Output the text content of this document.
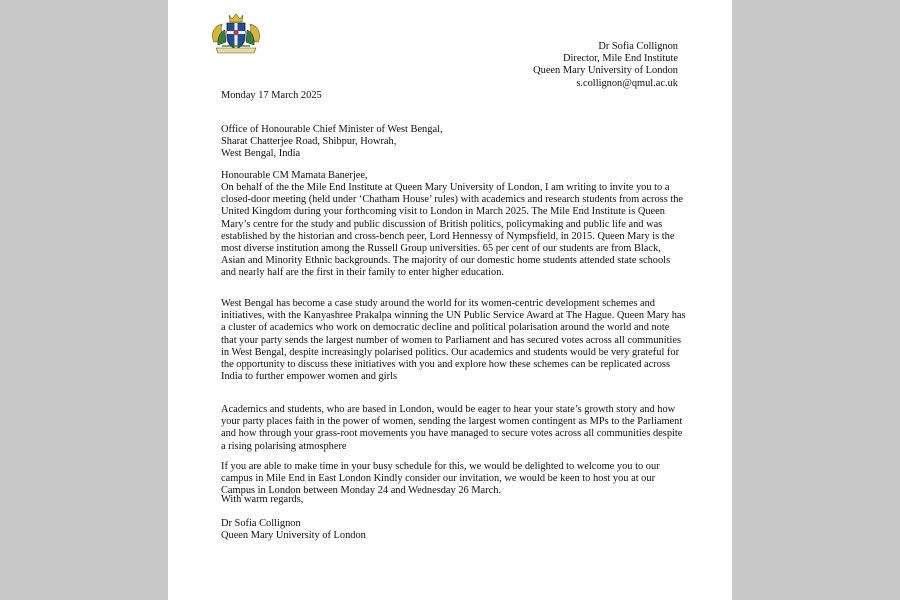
Dr Sofia Collignon
Director, Mile End Institute
Queen Mary University of London
s.collignon@qmul.ac.uk
Monday 17 March 2025
Office of Honourable Chief Minister of West Bengal,
Sharat Chatterjee Road, Shibpur, Howrah,
West Bengal, India
Honourable CM Mamata Banerjee,
On behalf of the the Mile End Institute at Queen Mary University of London, I am writing to invite you to a closed-door meeting (held under ‘Chatham House’ rules) with academics and research students from across the United Kingdom during your forthcoming visit to London in March 2025. The Mile End Institute is Queen Mary’s centre for the study and public discussion of British politics, policymaking and public life and was established by the historian and cross-bench peer, Lord Hennessy of Nympsfield, in 2015. Queen Mary is the most diverse institution among the Russell Group universities. 65 per cent of our students are from Black, Asian and Minority Ethnic backgrounds. The majority of our domestic home students attended state schools and nearly half are the first in their family to enter higher education.
West Bengal has become a case study around the world for its women-centric development schemes and initiatives, with the Kanyashree Prakalpa winning the UN Public Service Award at The Hague. Queen Mary has a cluster of academics who work on democratic decline and political polarisation around the world and note that your party sends the largest number of women to Parliament and has secured votes across all communities in West Bengal, despite increasingly polarised politics. Our academics and students would be very grateful for the opportunity to discuss these initiatives with you and explore how these schemes can be replicated across India to further empower women and girls
Academics and students, who are based in London, would be eager to hear your state’s growth story and how your party places faith in the power of women, sending the largest women contingent as MPs to the Parliament and how through your grass-root movements you have managed to secure votes across all communities despite a rising polarising atmosphere
If you are able to make time in your busy schedule for this, we would be delighted to welcome you to our campus in Mile End in East London Kindly consider our invitation, we would be keen to host you at our Campus in London between Monday 24 and Wednesday 26 March.
With warm regards,
Dr Sofia Collignon
Queen Mary University of London
